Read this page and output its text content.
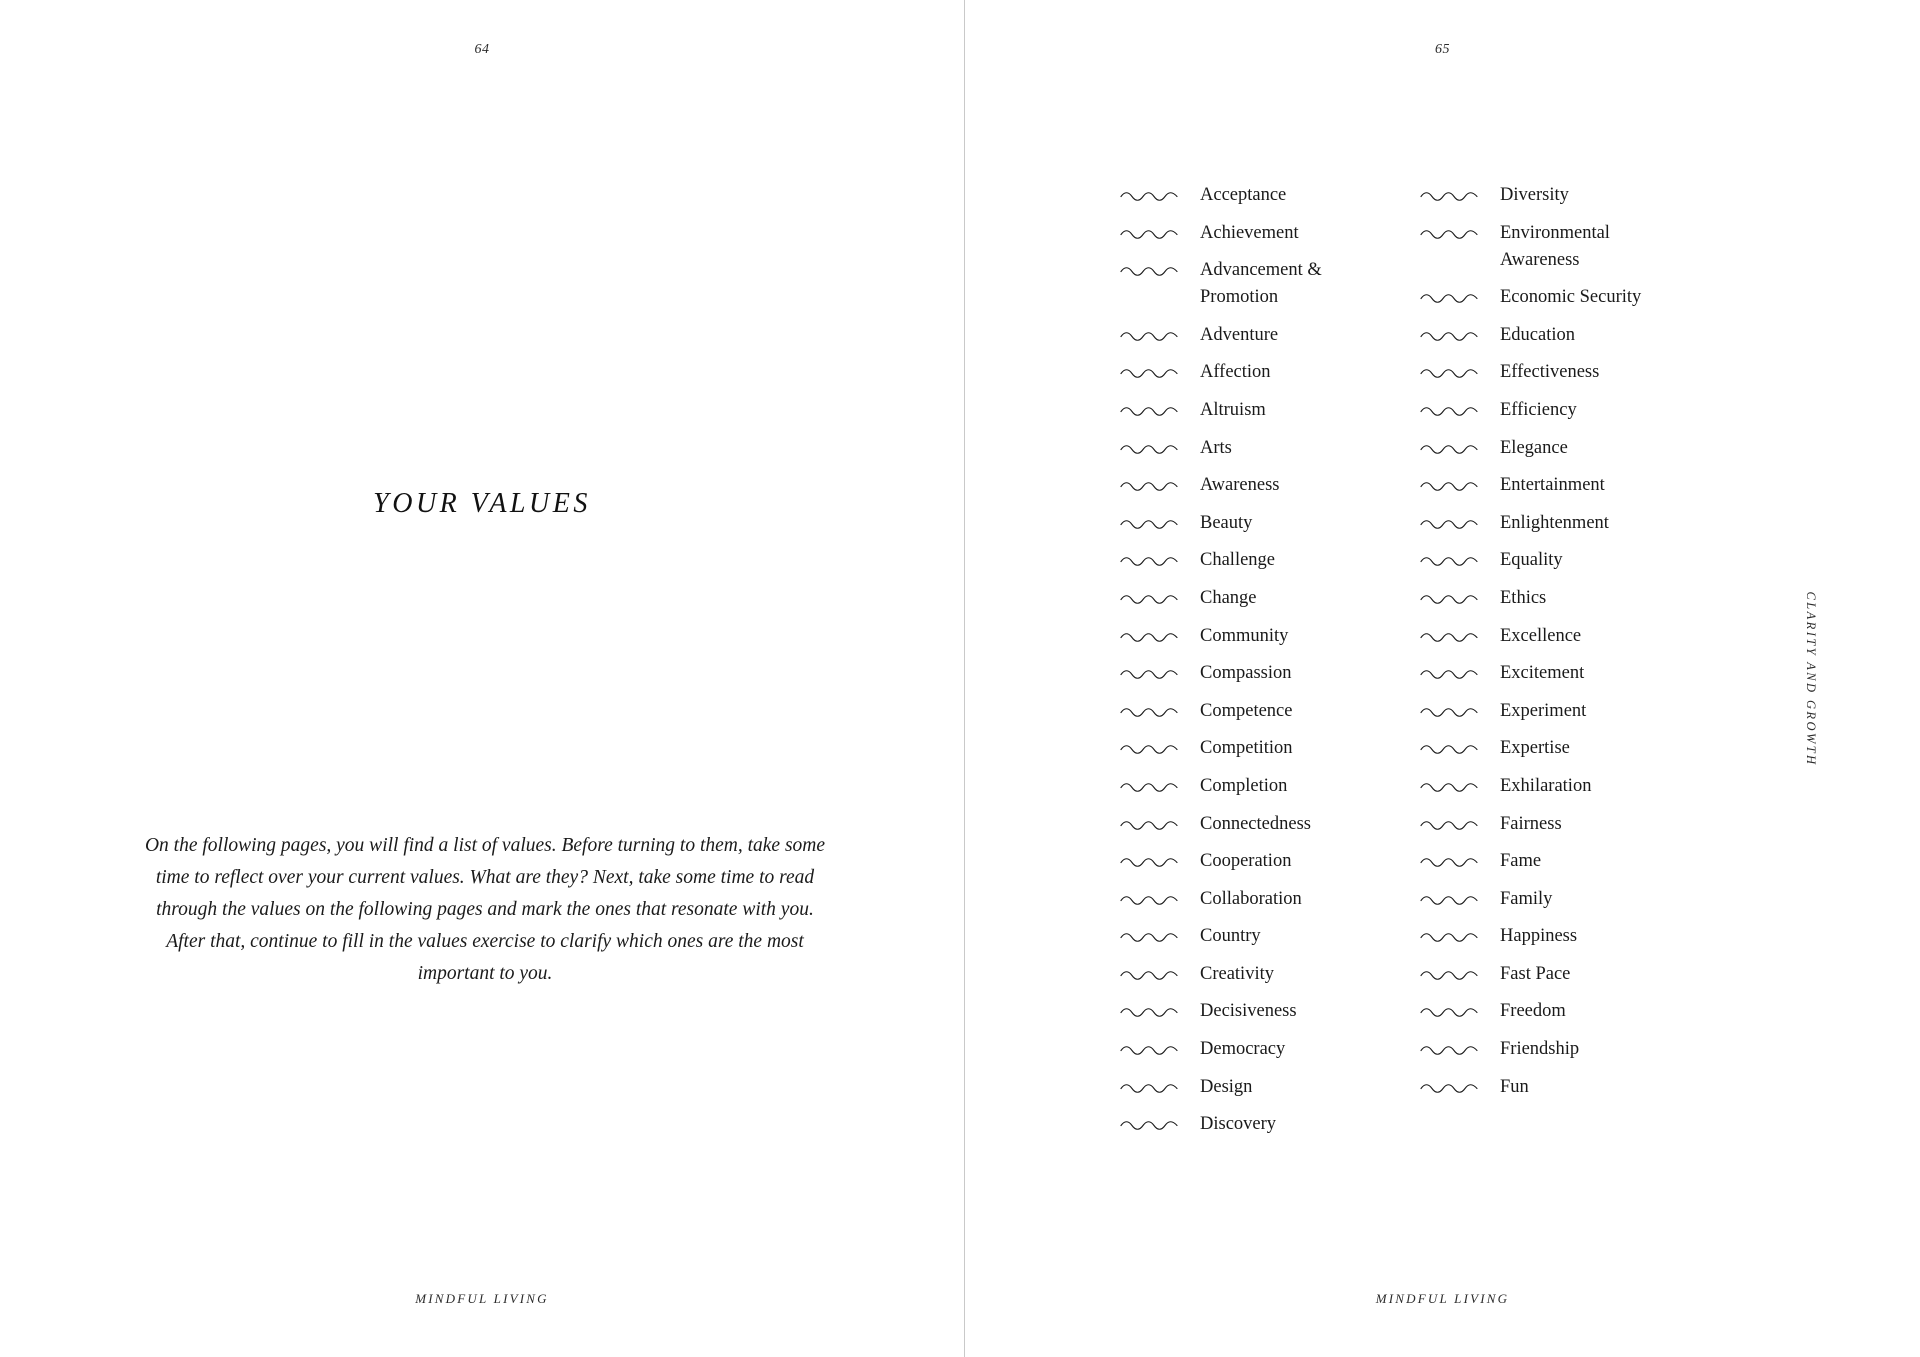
64
YOUR VALUES
On the following pages, you will find a list of values. Before turning to them, take some time to reflect over your current values. What are they? Next, take some time to read through the values on the following pages and mark the ones that resonate with you. After that, continue to fill in the values exercise to clarify which ones are the most important to you.
MINDFUL LIVING
65
CLARITY AND GROWTH
Acceptance
Achievement
Advancement & Promotion
Adventure
Affection
Altruism
Arts
Awareness
Beauty
Challenge
Change
Community
Compassion
Competence
Competition
Completion
Connectedness
Cooperation
Collaboration
Country
Creativity
Decisiveness
Democracy
Design
Discovery
Diversity
Environmental Awareness
Economic Security
Education
Effectiveness
Efficiency
Elegance
Entertainment
Enlightenment
Equality
Ethics
Excellence
Excitement
Experiment
Expertise
Exhilaration
Fairness
Fame
Family
Happiness
Fast Pace
Freedom
Friendship
Fun
MINDFUL LIVING
